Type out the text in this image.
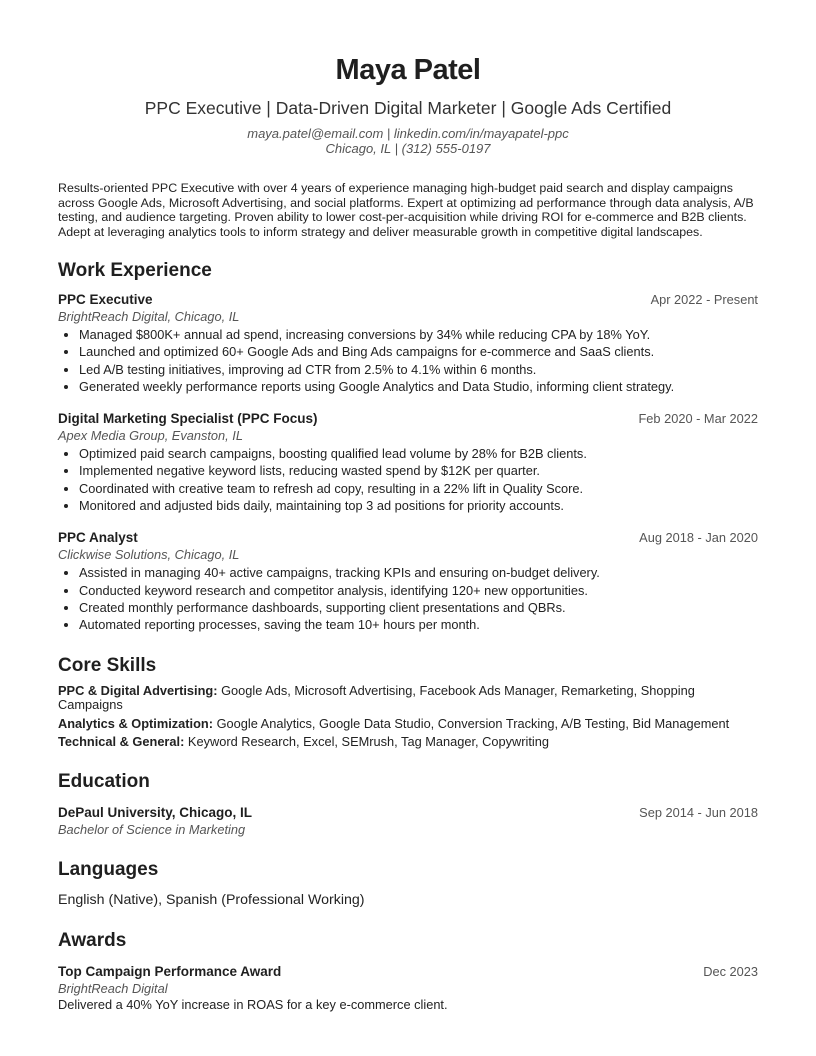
Maya Patel
PPC Executive | Data-Driven Digital Marketer | Google Ads Certified
maya.patel@email.com | linkedin.com/in/mayapatel-ppc
Chicago, IL | (312) 555-0197
Results-oriented PPC Executive with over 4 years of experience managing high-budget paid search and display campaigns across Google Ads, Microsoft Advertising, and social platforms. Expert at optimizing ad performance through data analysis, A/B testing, and audience targeting. Proven ability to lower cost-per-acquisition while driving ROI for e-commerce and B2B clients. Adept at leveraging analytics tools to inform strategy and deliver measurable growth in competitive digital landscapes.
Work Experience
PPC Executive	Apr 2022 - Present
BrightReach Digital, Chicago, IL
• Managed $800K+ annual ad spend, increasing conversions by 34% while reducing CPA by 18% YoY.
• Launched and optimized 60+ Google Ads and Bing Ads campaigns for e-commerce and SaaS clients.
• Led A/B testing initiatives, improving ad CTR from 2.5% to 4.1% within 6 months.
• Generated weekly performance reports using Google Analytics and Data Studio, informing client strategy.
Digital Marketing Specialist (PPC Focus)	Feb 2020 - Mar 2022
Apex Media Group, Evanston, IL
• Optimized paid search campaigns, boosting qualified lead volume by 28% for B2B clients.
• Implemented negative keyword lists, reducing wasted spend by $12K per quarter.
• Coordinated with creative team to refresh ad copy, resulting in a 22% lift in Quality Score.
• Monitored and adjusted bids daily, maintaining top 3 ad positions for priority accounts.
PPC Analyst	Aug 2018 - Jan 2020
Clickwise Solutions, Chicago, IL
• Assisted in managing 40+ active campaigns, tracking KPIs and ensuring on-budget delivery.
• Conducted keyword research and competitor analysis, identifying 120+ new opportunities.
• Created monthly performance dashboards, supporting client presentations and QBRs.
• Automated reporting processes, saving the team 10+ hours per month.
Core Skills
PPC & Digital Advertising: Google Ads, Microsoft Advertising, Facebook Ads Manager, Remarketing, Shopping Campaigns
Analytics & Optimization: Google Analytics, Google Data Studio, Conversion Tracking, A/B Testing, Bid Management
Technical & General: Keyword Research, Excel, SEMrush, Tag Manager, Copywriting
Education
DePaul University, Chicago, IL	Sep 2014 - Jun 2018
Bachelor of Science in Marketing
Languages
English (Native), Spanish (Professional Working)
Awards
Top Campaign Performance Award	Dec 2023
BrightReach Digital
Delivered a 40% YoY increase in ROAS for a key e-commerce client.
